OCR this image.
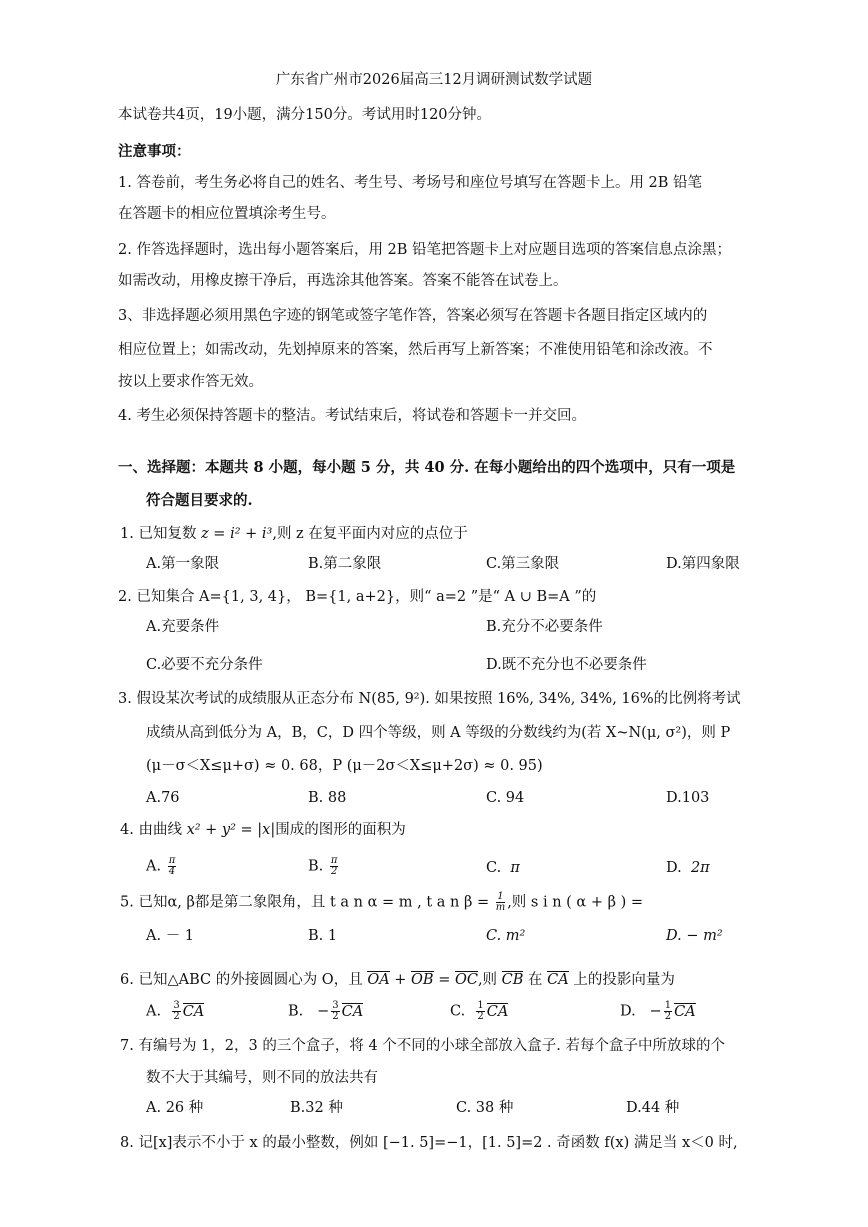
广东省广州市2026届高三12月调研测试数学试题
本试卷共4页，19小题，满分150分。考试用时120分钟。
注意事项：
1. 答卷前，考生务必将自己的姓名、考生号、考场号和座位号填写在答题卡上。用 2B 铅笔
在答题卡的相应位置填涂考生号。
2. 作答选择题时，选出每小题答案后，用 2B 铅笔把答题卡上对应题目选项的答案信息点涂黑；
如需改动，用橡皮擦干净后，再选涂其他答案。答案不能答在试卷上。
3、非选择题必须用黑色字迹的钢笔或签字笔作答，答案必须写在答题卡各题目指定区域内的
相应位置上；如需改动，先划掉原来的答案，然后再写上新答案；不准使用铅笔和涂改液。不
按以上要求作答无效。
4. 考生必须保持答题卡的整洁。考试结束后，将试卷和答题卡一并交回。
一、选择题：本题共 8 小题，每小题 5 分，共 40 分. 在每小题给出的四个选项中，只有一项是
符合题目要求的.
1. 已知复数 z = i² + i³,则 z 在复平面内对应的点位于
A.第一象限	B.第二象限	C.第三象限	D.第四象限
2. 已知集合 A={1, 3, 4}， B={1, a+2}，则“ a=2 ”是“ A ∪ B=A ”的
A.充要条件	B.充分不必要条件
C.必要不充分条件	D.既不充分也不必要条件
3. 假设某次考试的成绩服从正态分布 N(85, 9²). 如果按照 16%, 34%, 34%, 16%的比例将考试
成绩从高到低分为 A，B，C，D 四个等级，则 A 等级的分数线约为(若 X~N(μ, σ²)，则 P
(μ－σ＜X≤μ+σ) ≈ 0. 68，P (μ－2σ＜X≤μ+2σ) ≈ 0. 95)
A.76	B. 88	C. 94	D.103
4. 由曲线 x² + y² = |x|围成的图形的面积为
A. $\frac{\pi}{4}$	B. $\frac{\pi}{2}$	C. π	D. 2π
5. 已知α, β都是第二象限角，且 t a n α = m , t a n $\beta = \frac{1}{m}$ ,则 s i n ( α + β ) =
A. － 1	B. 1	C. m²	D. − m²
6. 已知△ABC 的外接圆圆心为 O，且 OA + OB = OC,则 CB 在 CA 上的投影向量为
A. $\frac{3}{2}$ CA	B. − $\frac{3}{2}$ CA	C. $\frac{1}{2}$ CA	D. − $\frac{1}{2}$ CA
7. 有编号为 1，2，3 的三个盒子，将 4 个不同的小球全部放入盒子. 若每个盒子中所放球的个
数不大于其编号，则不同的放法共有
A. 26 种	B.32 种	C. 38 种	D.44 种
8. 记[x]表示不小于 x 的最小整数，例如 [−1. 5]=−1，[1. 5]=2 . 奇函数 f(x) 满足当 x＜0 时,
